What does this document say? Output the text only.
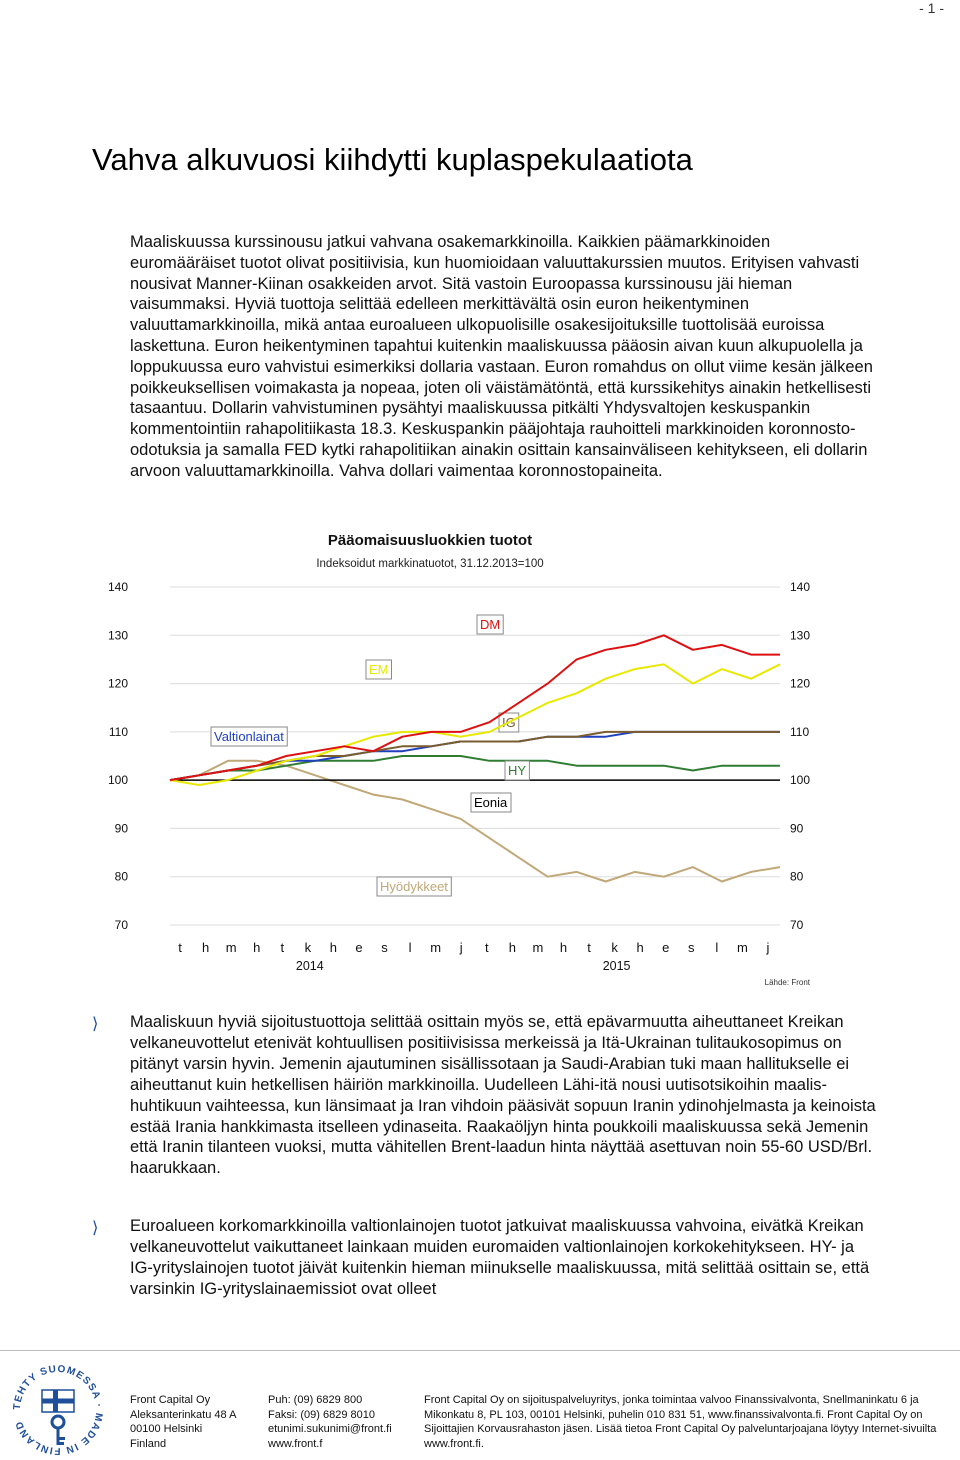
- 1 -
Vahva alkuvuosi kiihdytti kuplaspekulaatiota

Maaliskuussa kurssinousu jatkui vahvana osakemarkkinoilla. Kaikkien päämarkkinoiden euromääräiset tuotot olivat positiivisia, kun huomioidaan valuuttakurssien muutos. Erityisen vahvasti nousivat Manner-Kiinan osakkeiden arvot. Sitä vastoin Euroopassa kurssinousu jäi hieman vaisummaksi. Hyviä tuottoja selittää edelleen merkittävältä osin euron heikentyminen valuuttamarkkinoilla, mikä antaa euroalueen ulkopuolisille osakesijoituksille tuottolisää euroissa laskettuna. Euron heikentyminen tapahtui kuitenkin maaliskuussa pääosin aivan kuun alkupuolella ja loppukuussa euro vahvistui esimerkiksi dollaria vastaan. Euron romahdus on ollut viime kesän jälkeen poikkeuksellisen voimakasta ja nopeaa, joten oli väistämätöntä, että kurssikehitys ainakin hetkellisesti tasaantuu. Dollarin vahvistuminen pysähtyi maaliskuussa pitkälti Yhdysvaltojen keskuspankin kommentointiin rahapolitiikasta 18.3. Keskuspankin pääjohtaja rauhoitteli markkinoiden koronnosto-odotuksia ja samalla FED kytki rahapolitiikan ainakin osittain kansainväliseen kehitykseen, eli dollarin arvoon valuuttamarkkinoilla. Vahva dollari vaimentaa koronnostopaineita.

Pääomaisuusluokkien tuotot
Indeksoidut markkinatuotot, 31.12.2013=100
140	140
130	130
120	120
110	110
100	100
90	90
80	80
70	70
t h m h t k h e s l m j t h m h t k h e s l m j
2014	2015
Lähde: Front
Hyödykkeet
Eonia
HY
Valtionlainat
IG
EM
DM
⟩ Maaliskuun hyviä sijoitustuottoja selittää osittain myös se, että epävarmuutta aiheuttaneet Kreikan velkaneuvottelut etenivät kohtuullisen positiivisissa merkeissä ja Itä-Ukrainan tulitaukosopimus on pitänyt varsin hyvin. Jemenin ajautuminen sisällissotaan ja Saudi-Arabian tuki maan hallitukselle ei aiheuttanut kuin hetkellisen häiriön markkinoilla. Uudelleen Lähi-itä nousi uutisotsikoihin maalis-huhtikuun vaihteessa, kun länsimaat ja Iran vihdoin pääsivät sopuun Iranin ydinohjelmasta ja keinoista estää Irania hankkimasta itselleen ydinaseita. Raakaöljyn hinta poukkoili maaliskuussa sekä Jemenin että Iranin tilanteen vuoksi, mutta vähitellen Brent-laadun hinta näyttää asettuvan noin 55-60 USD/Brl. haarukkaan.

⟩ Euroalueen korkomarkkinoilla valtionlainojen tuotot jatkuivat maaliskuussa vahvoina, eivätkä Kreikan velkaneuvottelut vaikuttaneet lainkaan muiden euromaiden valtionlainojen korkokehitykseen. HY- ja IG-yrityslainojen tuotot jäivät kuitenkin hieman miinukselle maaliskuussa, mitä selittää osittain se, että varsinkin IG-yrityslainaemissiot ovat olleet

TEHTY SUOMESSA · MADE IN FINLAND
Front Capital Oy
Aleksanterinkatu 48 A
00100 Helsinki
Finland
Puh: (09) 6829 800
Faksi: (09) 6829 8010
etunimi.sukunimi@front.fi
www.front.f
Front Capital Oy on sijoituspalveluyritys, jonka toimintaa valvoo Finanssivalvonta, Snellmaninkatu 6 ja
Mikonkatu 8, PL 103, 00101 Helsinki, puhelin 010 831 51, www.finanssivalvonta.fi. Front Capital Oy on
Sijoittajien Korvausrahaston jäsen. Lisää tietoa Front Capital Oy palveluntarjoajana löytyy Internet-sivuilta
www.front.fi.
